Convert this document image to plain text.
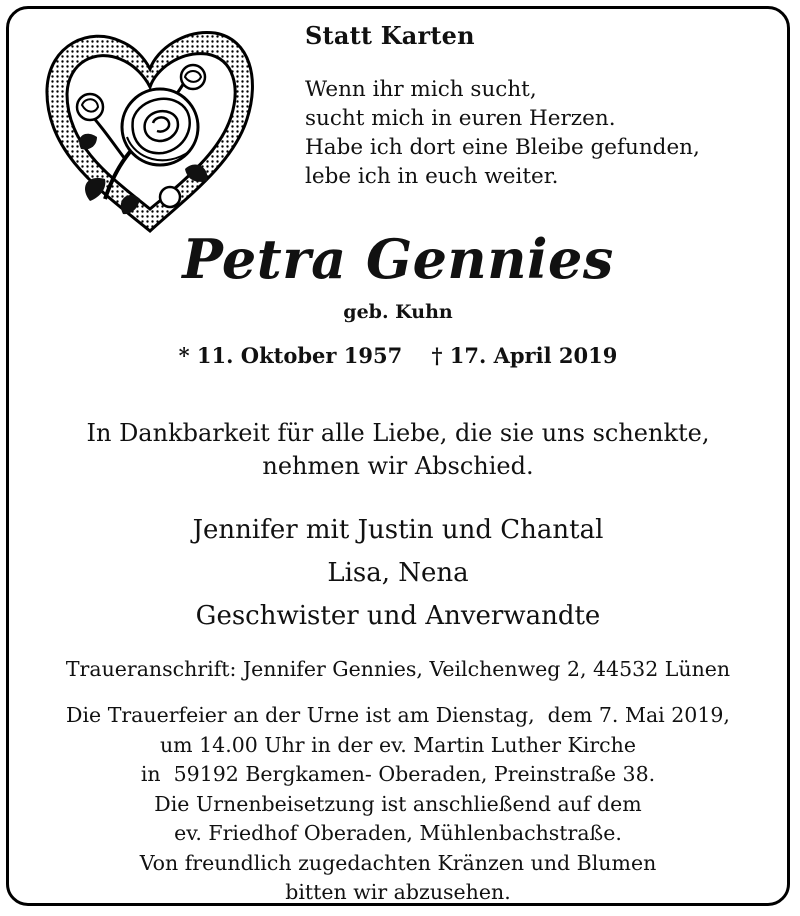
Statt Karten
Wenn ihr mich sucht,
sucht mich in euren Herzen.
Habe ich dort eine Bleibe gefunden,
lebe ich in euch weiter.
Petra Gennies
geb. Kuhn
* 11. Oktober 1957    † 17. April 2019
In Dankbarkeit für alle Liebe, die sie uns schenkte,
nehmen wir Abschied.
Jennifer mit Justin und Chantal
Lisa, Nena
Geschwister und Anverwandte
Traueranschrift: Jennifer Gennies, Veilchenweg 2, 44532 Lünen
Die Trauerfeier an der Urne ist am Dienstag,  dem 7. Mai 2019,
um 14.00 Uhr in der ev. Martin Luther Kirche
in  59192 Bergkamen- Oberaden, Preinstraße 38.
Die Urnenbeisetzung ist anschließend auf dem
ev. Friedhof Oberaden, Mühlenbachstraße.
Von freundlich zugedachten Kränzen und Blumen
bitten wir abzusehen.
